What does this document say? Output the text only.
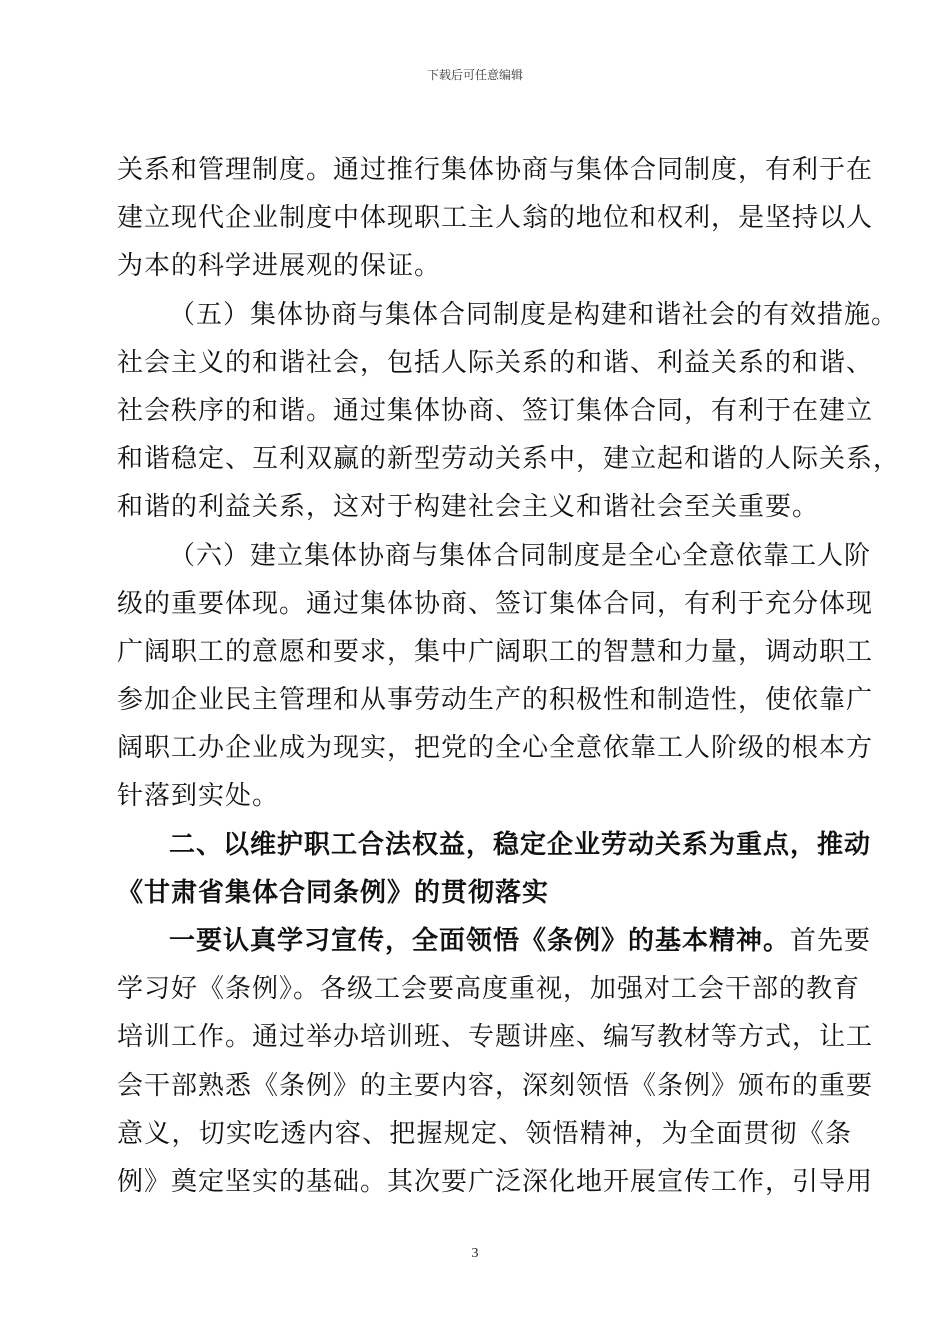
下载后可任意编辑
关系和管理制度。通过推行集体协商与集体合同制度，有利于在
建立现代企业制度中体现职工主人翁的地位和权利，是坚持以人
为本的科学进展观的保证。
（五）集体协商与集体合同制度是构建和谐社会的有效措施。
社会主义的和谐社会，包括人际关系的和谐、利益关系的和谐、
社会秩序的和谐。通过集体协商、签订集体合同，有利于在建立
和谐稳定、互利双赢的新型劳动关系中，建立起和谐的人际关系，
和谐的利益关系，这对于构建社会主义和谐社会至关重要。
（六）建立集体协商与集体合同制度是全心全意依靠工人阶
级的重要体现。通过集体协商、签订集体合同，有利于充分体现
广阔职工的意愿和要求，集中广阔职工的智慧和力量，调动职工
参加企业民主管理和从事劳动生产的积极性和制造性，使依靠广
阔职工办企业成为现实，把党的全心全意依靠工人阶级的根本方
针落到实处。
二、以维护职工合法权益，稳定企业劳动关系为重点，推动
《甘肃省集体合同条例》的贯彻落实
一要认真学习宣传，全面领悟《条例》的基本精神。首先要
学习好《条例》。各级工会要高度重视，加强对工会干部的教育
培训工作。通过举办培训班、专题讲座、编写教材等方式，让工
会干部熟悉《条例》的主要内容，深刻领悟《条例》颁布的重要
意义，切实吃透内容、把握规定、领悟精神，为全面贯彻《条
例》奠定坚实的基础。其次要广泛深化地开展宣传工作，引导用
3
